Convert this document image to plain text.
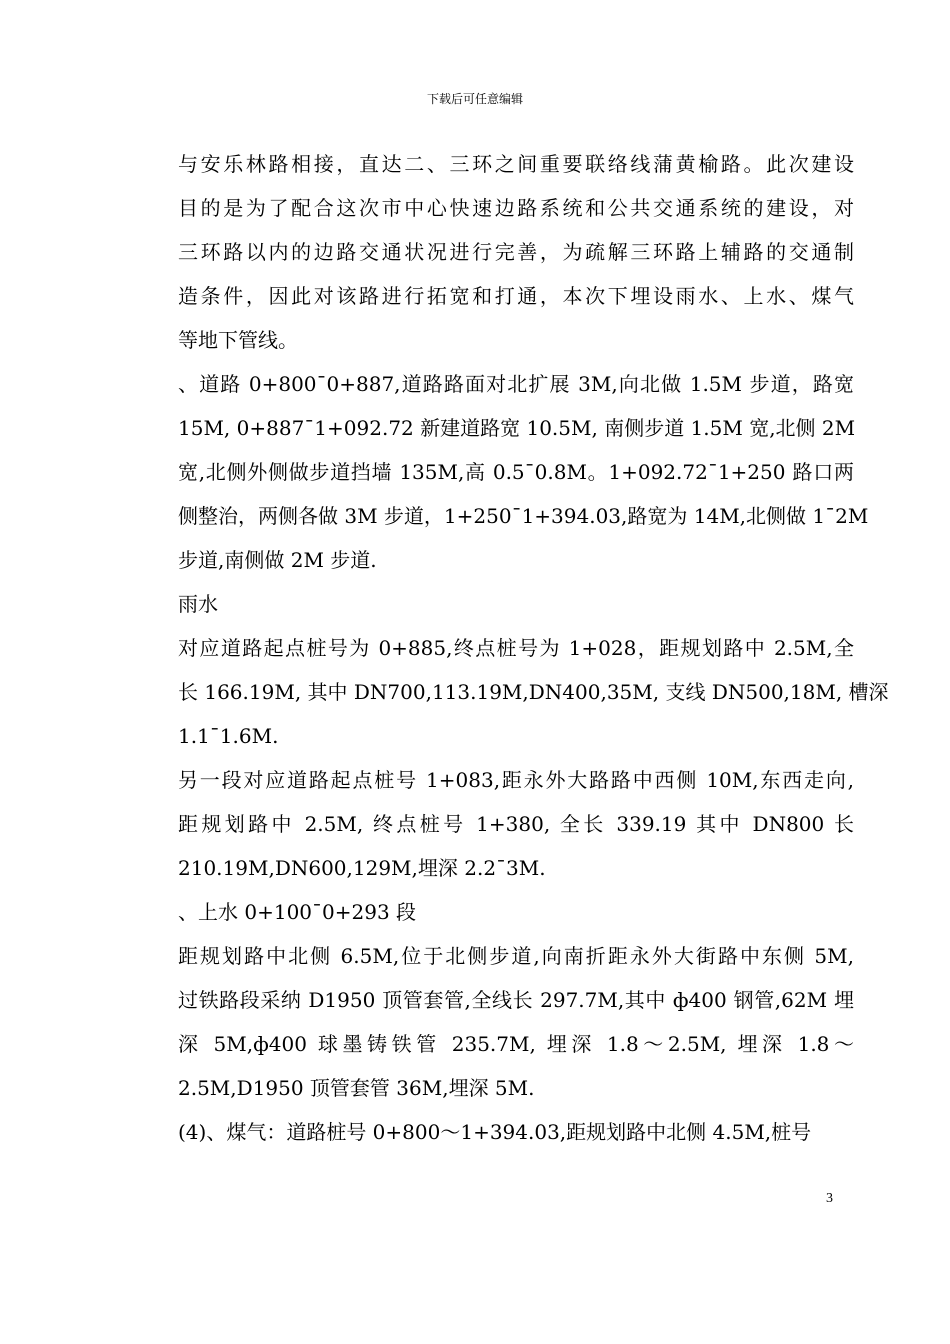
下载后可任意编辑
与安乐林路相接，直达二、三环之间重要联络线蒲黄榆路。此次建设
目的是为了配合这次市中心快速边路系统和公共交通系统的建设，对
三环路以内的边路交通状况进行完善，为疏解三环路上辅路的交通制
造条件，因此对该路进行拓宽和打通，本次下埋设雨水、上水、煤气
等地下管线。
、道路 0+800¯0+887,道路路面对北扩展 3M,向北做 1.5M 步道，路宽
15M, 0+887¯1+092.72 新建道路宽 10.5M, 南侧步道 1.5M 宽,北侧 2M
宽,北侧外侧做步道挡墙 135M,高 0.5¯0.8M。1+092.72¯1+250 路口两
侧整治，两侧各做 3M 步道，1+250¯1+394.03,路宽为 14M,北侧做 1¯2M
步道,南侧做 2M 步道.
雨水
对应道路起点桩号为 0+885,终点桩号为 1+028，距规划路中 2.5M,全
长 166.19M, 其中 DN700,113.19M,DN400,35M, 支线 DN500,18M, 槽深
1.1¯1.6M.
另一段对应道路起点桩号 1+083,距永外大路路中西侧 10M,东西走向,
距规划路中 2.5M, 终点桩号 1+380, 全长 339.19 其中 DN800 长
210.19M,DN600,129M,埋深 2.2¯3M.
、上水 0+100¯0+293 段
距规划路中北侧 6.5M,位于北侧步道,向南折距永外大街路中东侧 5M,
过铁路段采纳 D1950 顶管套管,全线长 297.7M,其中 ф400 钢管,62M 埋
深 5M,ф400 球墨铸铁管 235.7M, 埋深 1.8～2.5M, 埋深 1.8～
2.5M,D1950 顶管套管 36M,埋深 5M.
(4)、煤气：道路桩号 0+800～1+394.03,距规划路中北侧 4.5M,桩号
3
